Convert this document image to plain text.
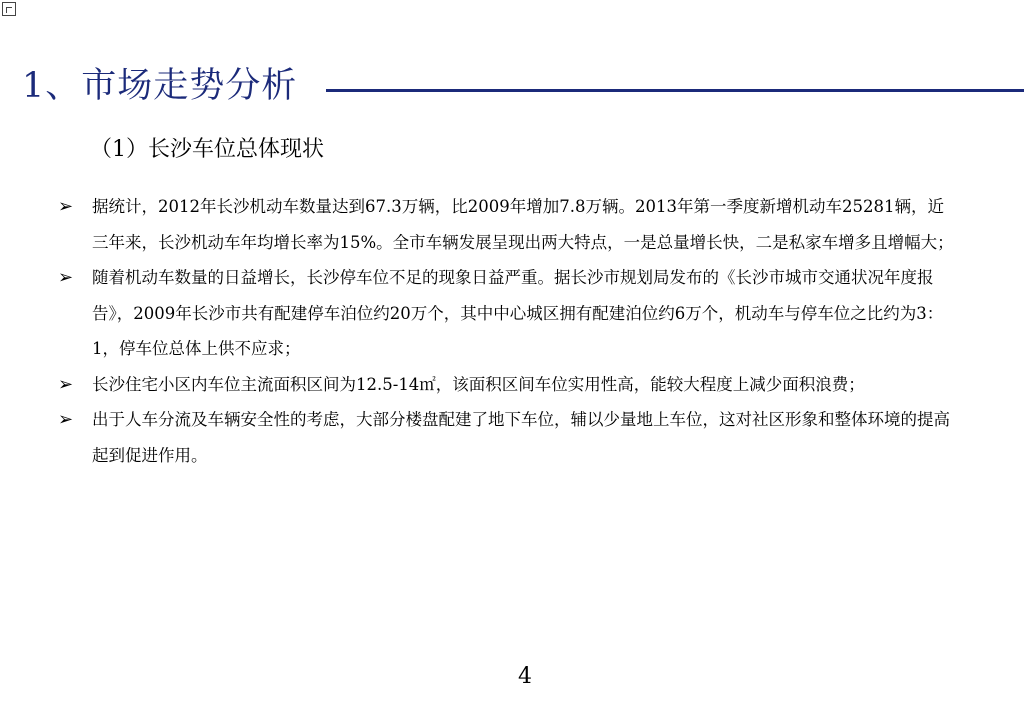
1、市场走势分析
（1）长沙车位总体现状
➢	据统计，2012年长沙机动车数量达到67.3万辆，比2009年增加7.8万辆。2013年第一季度新增机动车25281辆，近三年来，长沙机动车年均增长率为15%。全市车辆发展呈现出两大特点，一是总量增长快，二是私家车增多且增幅大；
➢	随着机动车数量的日益增长，长沙停车位不足的现象日益严重。据长沙市规划局发布的《长沙市城市交通状况年度报告》，2009年长沙市共有配建停车泊位约20万个，其中中心城区拥有配建泊位约6万个，机动车与停车位之比约为3：1，停车位总体上供不应求；
➢	长沙住宅小区内车位主流面积区间为12.5-14㎡，该面积区间车位实用性高，能较大程度上减少面积浪费；
➢	出于人车分流及车辆安全性的考虑，大部分楼盘配建了地下车位，辅以少量地上车位，这对社区形象和整体环境的提高起到促进作用。
4
